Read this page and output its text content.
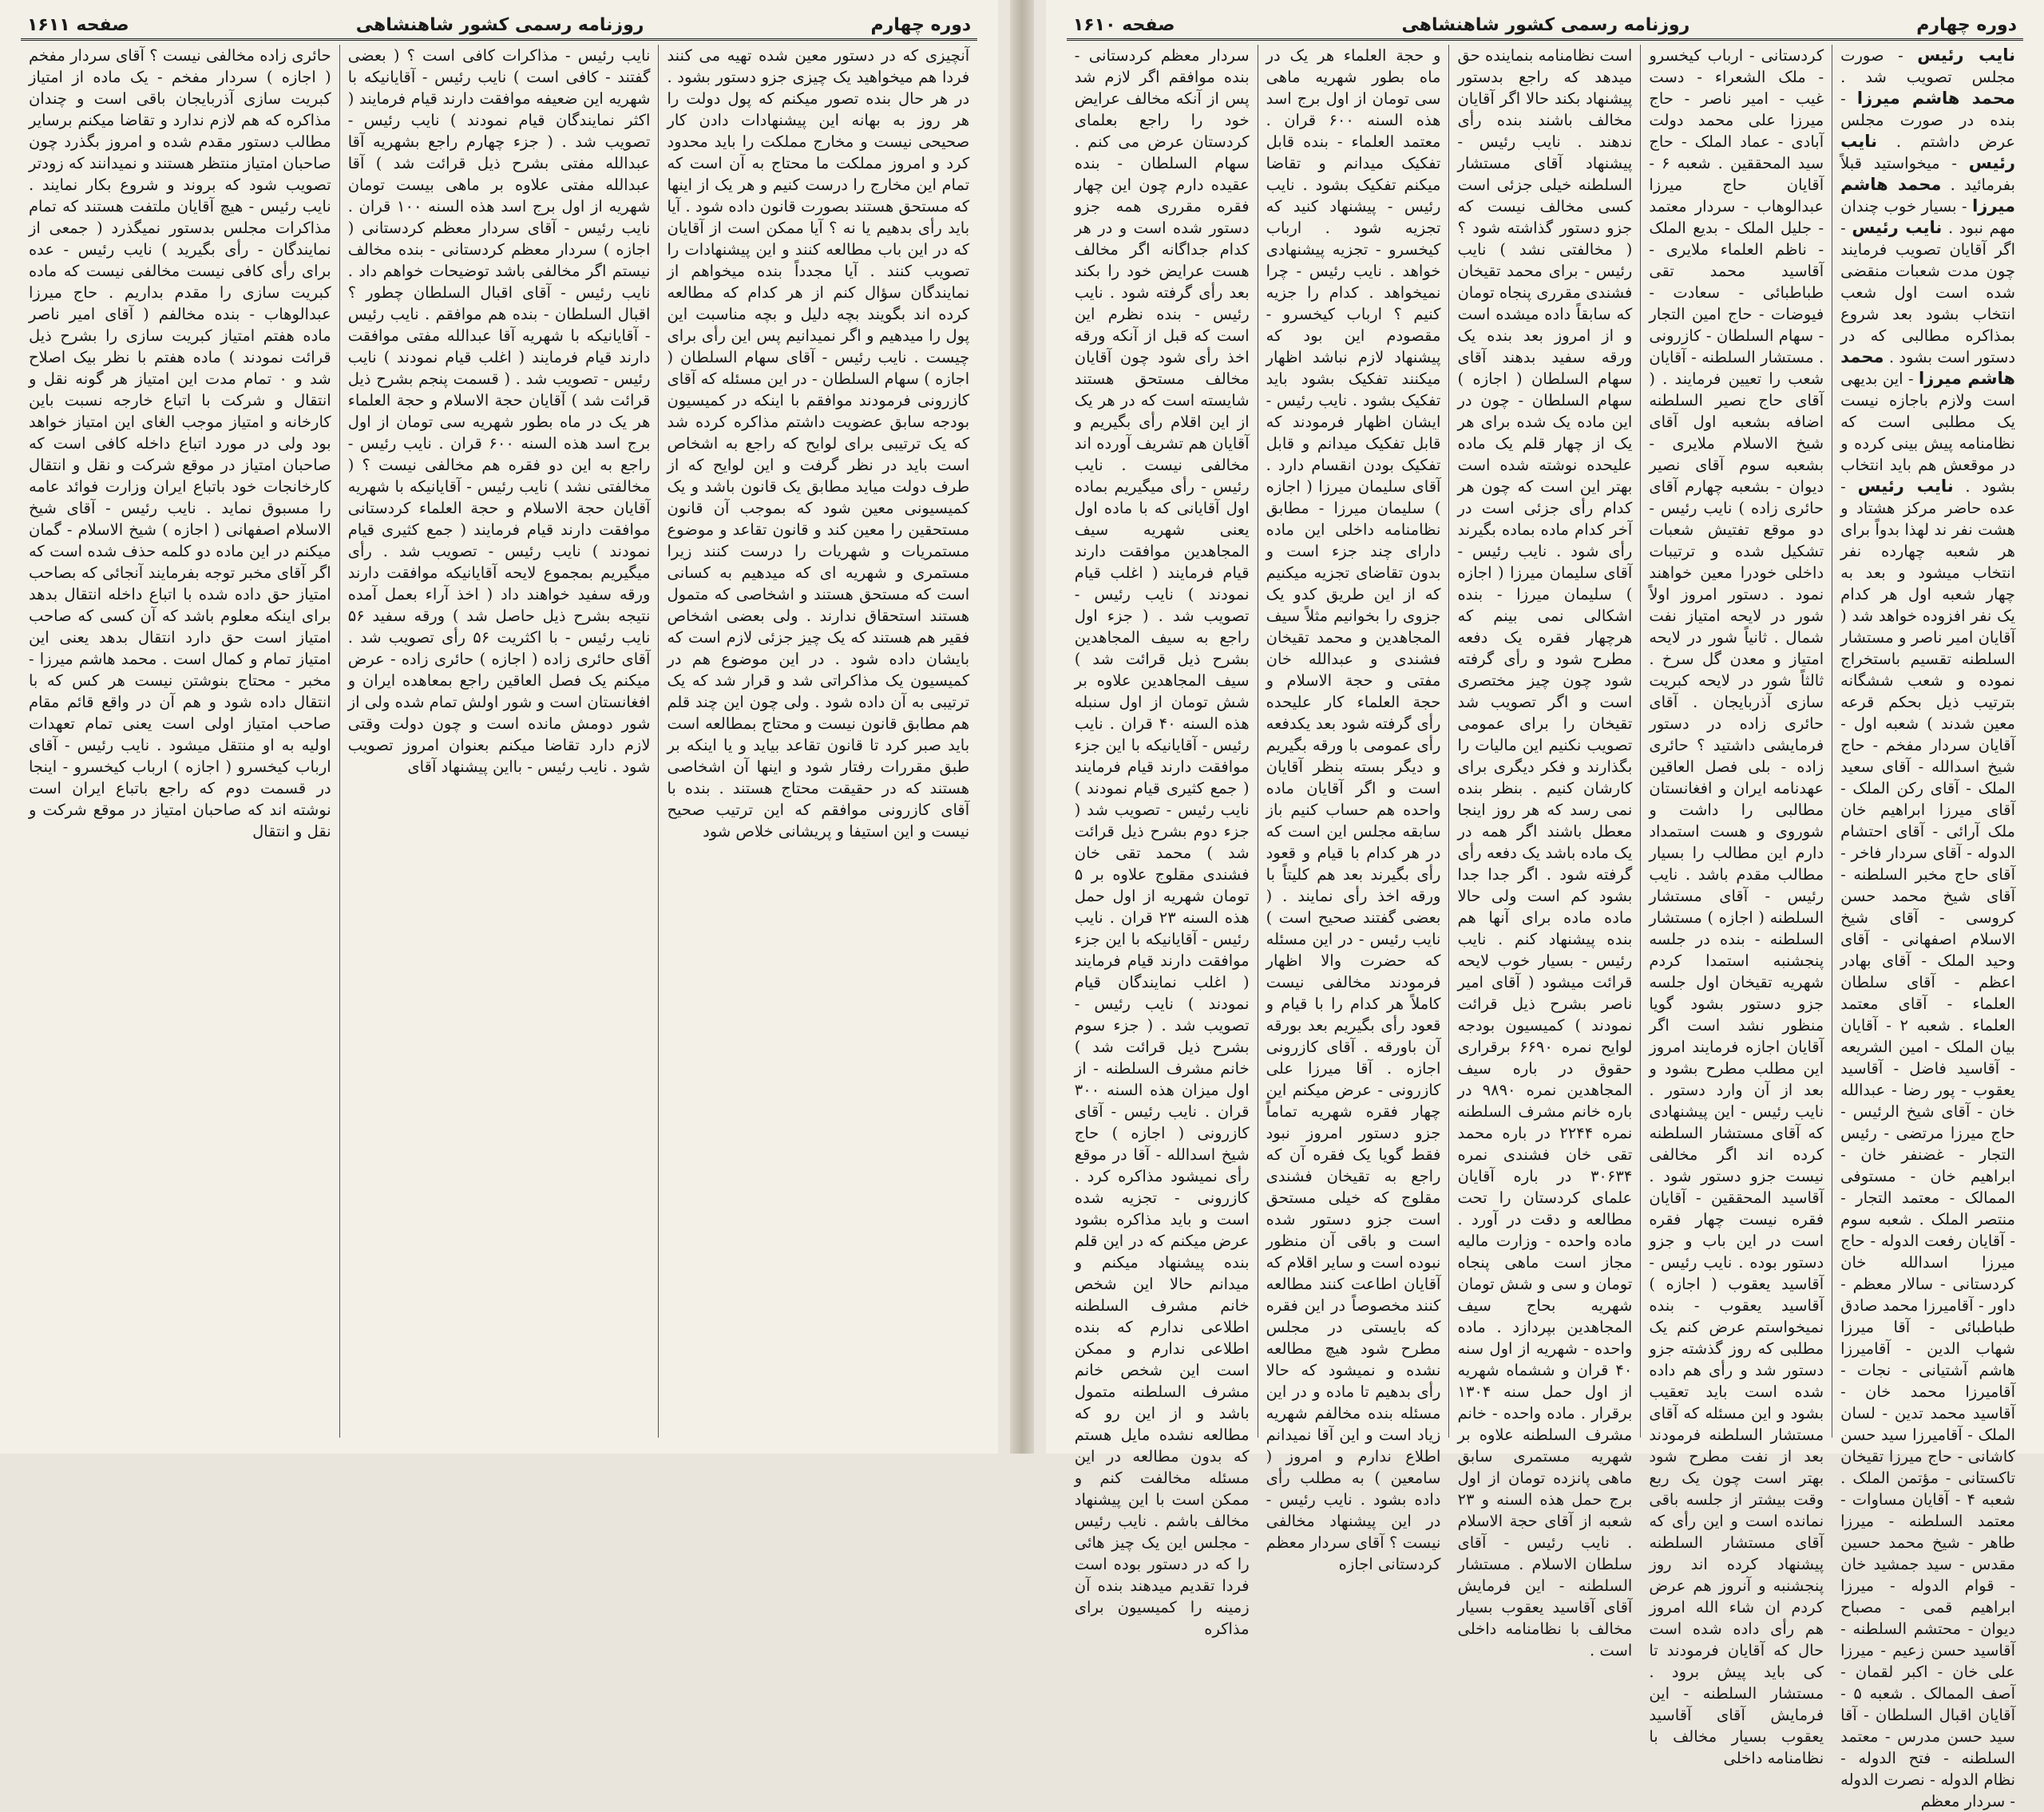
صفحه ۱۶۱۰	روزنامه رسمی کشور شاهنشاهی	دوره چهارم
نایب رئیس - صورت مجلس تصویب شد . محمد هاشم میرزا - بنده در صورت مجلس عرض داشتم . نایب رئیس - میخواستید قبلاً بفرمائید . محمد هاشم میرزا - بسیار خوب چندان مهم نبود . نایب رئیس - اگر آقایان تصویب فرمایند چون مدت شعبات منقضی شده است اول شعب انتخاب بشود بعد شروع بمذاکره مطالبی که در دستور است بشود . محمد هاشم میرزا - این بدیهی است ولازم باجازه نیست یک مطلبی است که نظامنامه پیش بینی کرده و در موقعش هم باید انتخاب بشود . نایب رئیس - عده حاضر مرکز هشتاد و هشت نفر ند لهذا بدواً برای هر شعبه چهارده نفر انتخاب میشود و بعد به چهار شعبه اول هر کدام یک نفر افزوده خواهد شد ( آقایان امیر ناصر و مستشار السلطنه تقسیم باستخراج نموده و شعب ششگانه بترتیب ذیل بحکم قرعه معین شدند ) شعبه اول - آقایان سردار مفخم - حاج شیخ اسدالله - آقای سعید الملک - آقای رکن الملک - آقای میرزا ابراهیم خان ملک آرائی - آقای احتشام الدوله - آقای سردار فاخر - آقای حاج مخبر السلطنه - آقای شیخ محمد حسن کروسی - آقای شیخ الاسلام اصفهانی - آقای وحید الملک - آقای بهادر اعظم - آقای سلطان العلماء - آقای معتمد العلماء . شعبه ۲ - آقایان بیان الملک - امین الشریعه - آقاسید فاضل - آقاسید یعقوب - پور رضا - عبدالله خان - آقای شیخ الرئیس - حاج میرزا مرتضی - رئیس التجار - غضنفر خان - ابراهیم خان - مستوفی الممالک - معتمد التجار - منتصر الملک . شعبه سوم - آقایان رفعت الدوله - حاج میرزا اسدالله خان کردستانی - سالار معظم - داور - آقامیرزا محمد صادق طباطبائی - آقا میرزا شهاب الدین - آقامیرزا هاشم آشتیانی - نجات - آقامیرزا محمد خان - آقاسید محمد تدین - لسان الملک - آقامیرزا سید حسن کاشانی - حاج میرزا تقیخان تاکستانی - مؤتمن الملک . شعبه ۴ - آقایان مساوات - معتمد السلطنه - میرزا طاهر - شیخ محمد حسین مقدس - سید جمشید خان - قوام الدوله - میرزا ابراهیم قمی - مصباح دیوان - محتشم السلطنه - آقاسید حسن زعیم - میرزا علی خان - اکبر لقمان - آصف الممالک . شعبه ۵ - آقایان اقبال السلطان - آقا سید حسن مدرس - معتمد السلطنه - فتح الدوله - نظام الدوله - نصرت الدوله - سردار معظم
کردستانی - ارباب کیخسرو - ملک الشعراء - دست غیب - امیر ناصر - حاج میرزا علی محمد دولت آبادی - عماد الملک - حاج سید المحققین . شعبه ۶ - آقایان حاج میرزا عبدالوهاب - سردار معتمد - جلیل الملک - بدیع الملک - ناظم العلماء ملایری - آقاسید محمد تقی طباطبائی - سعادت - فیوضات - حاج امین التجار - سهام السلطان - کازرونی . مستشار السلطنه - آقایان شعب را تعیین فرمایند . ( آقای حاج نصیر السلطنه اضافه بشعبه اول آقای شیخ الاسلام ملایری - بشعبه سوم آقای نصیر دیوان - بشعبه چهارم آقای حائری زاده ) نایب رئیس - دو موقع تفتیش شعبات تشکیل شده و ترتیبات داخلی خودرا معین خواهند نمود . دستور امروز اولاً شور در لایحه امتیاز نفت شمال . ثانیاً شور در لایحه امتیاز و معدن گل سرخ . ثالثاً شور در لایحه کبریت سازی آذربایجان . آقای حائری زاده در دستور فرمایشی داشتید ؟ حائری زاده - بلی فصل العاقین عهدنامه ایران و افغانستان مطالبی را داشت و شوروی و هست استمداد دارم این مطالب را بسیار مطالب مقدم باشد . نایب رئیس - آقای مستشار السلطنه ( اجازه ) مستشار السلطنه - بنده در جلسه پنجشنبه استمدا کردم شهریه تقیخان اول جلسه جزو دستور بشود گویا منظور نشد است اگر آقایان اجازه فرمایند امروز این مطلب مطرح بشود و بعد از آن وارد دستور . نایب رئیس - این پیشنهادی که آقای مستشار السلطنه کرده اند اگر مخالفی نیست جزو دستور شود . آقاسید المحققین - آقایان فقره نیست چهار فقره است در این باب و جزو دستور بوده . نایب رئیس - آقاسید یعقوب ( اجازه ) آقاسید یعقوب - بنده نمیخواستم عرض کنم یک مطلبی که روز گذشته جزو دستور شد و رأی هم داده شده است باید تعقیب بشود و این مسئله که آقای مستشار السلطنه فرمودند بعد از نفت مطرح شود بهتر است چون یک ربع وقت بیشتر از جلسه باقی نمانده است و این رأی که آقای مستشار السلطنه پیشنهاد کرده اند روز پنجشنبه و آنروز هم عرض کردم ان شاء الله امروز هم رأی داده شده است حال که آقایان فرمودند تا کی باید پیش برود . مستشار السلطنه - این فرمایش آقای آقاسید یعقوب بسیار مخالف با نظامنامه داخلی
است نظامنامه بنماینده حق میدهد که راجع بدستور پیشنهاد بکند حالا اگر آقایان مخالف باشند بنده رأی ندهند . نایب رئیس - پیشنهاد آقای مستشار السلطنه خیلی جزئی است کسی مخالف نیست که جزو دستور گذاشته شود ؟ ( مخالفتی نشد ) نایب رئیس - برای محمد تقیخان فشندی مقرری پنجاه تومان که سابقاً داده میشده است و از امروز بعد بنده یک ورقه سفید بدهند آقای سهام السلطان ( اجازه ) سهام السلطان - چون در این ماده یک شده برای هر یک از چهار قلم یک ماده علیحده نوشته شده است بهتر این است که چون هر کدام رأی جزئی است در آخر کدام ماده بماده بگیرند رأی شود . نایب رئیس - آقای سلیمان میرزا ( اجازه ) سلیمان میرزا - بنده اشکالی نمی بینم که هرچهار فقره یک دفعه مطرح شود و رأی گرفته شود چون چیز مختصری است و اگر تصویب شد تقیخان را برای عمومی تصویب نکنیم این مالیات را بگذارند و فکر دیگری برای کارشان کنیم . بنظر بنده نمی رسد که هر روز اینجا معطل باشند اگر همه در یک ماده باشد یک دفعه رأی گرفته شود . اگر جدا جدا بشود کم است ولی حالا ماده ماده برای آنها هم بنده پیشنهاد کنم . نایب رئیس - بسیار خوب لایحه قرائت میشود ( آقای امیر ناصر بشرح ذیل قرائت نمودند ) کمیسیون بودجه لوایح نمره ۶۶۹۰ برقراری حقوق در باره سیف المجاهدین نمره ۹۸۹۰ در باره خانم مشرف السلطنه نمره ۲۲۴۴ در باره محمد تقی خان فشندی نمره ۳۰۶۳۴ در باره آقایان علمای کردستان را تحت مطالعه و دقت در آورد . ماده واحده - وزارت مالیه مجاز است ماهی پنجاه تومان و سی و شش تومان شهریه بحاج سیف المجاهدین بپردازد . ماده واحده - شهریه از اول سنه ۴۰ قران و ششماه شهریه از اول حمل سنه ۱۳۰۴ برقرار . ماده واحده - خانم مشرف السلطنه علاوه بر شهریه مستمری سابق ماهی پانزده تومان از اول برج حمل هذه السنه و ۲۳ شعبه از آقای حجة الاسلام . نایب رئیس - آقای سلطان الاسلام . مستشار السلطنه - این فرمایش آقای آقاسید یعقوب بسیار مخالف با نظامنامه داخلی است .
و حجة العلماء هر یک در ماه بطور شهریه ماهی سی تومان از اول برج اسد هذه السنه ۶۰۰ قران . معتمد العلماء - بنده قابل تفکیک میدانم و تقاضا میکنم تفکیک بشود . نایب رئیس - پیشنهاد کنید که تجزیه شود . ارباب کیخسرو - تجزیه پیشنهادی خواهد . نایب رئیس - چرا نمیخواهد . کدام را جزیه کنیم ؟ ارباب کیخسرو - مقصودم این بود که پیشنهاد لازم نباشد اظهار میکنند تفکیک بشود باید تفکیک بشود . نایب رئیس - ایشان اظهار فرمودند که قابل تفکیک میدانم و قابل تفکیک بودن انقسام دارد . آقای سلیمان میرزا ( اجازه ) سلیمان میرزا - مطابق نظامنامه داخلی این ماده دارای چند جزء است و بدون تقاضای تجزیه میکنیم که از این طریق کدو یک جزوی را بخوانیم مثلاً سیف المجاهدین و محمد تقیخان فشندی و عبدالله خان مفتی و حجة الاسلام و حجة العلماء کار علیحده رأی گرفته شود بعد یکدفعه رأی عمومی با ورقه بگیریم و دیگر بسته بنظر آقایان است و اگر آقایان ماده واحده هم حساب کنیم باز سابقه مجلس این است که در هر کدام با قیام و قعود رأی بگیرند بعد هم کلیتاً با ورقه اخذ رأی نمایند . ( بعضی گفتند صحیح است ) نایب رئیس - در این مسئله که حضرت والا اظهار فرمودند مخالفی نیست کاملاً هر کدام را با قیام و قعود رأی بگیریم بعد بورقه آن باورقه . آقای کازرونی اجازه . آقا میرزا علی کازرونی - عرض میکنم این چهار فقره شهریه تماماً جزو دستور امروز نبود فقط گویا یک فقره آن که راجع به تقیخان فشندی مقلوج که خیلی مستحق است جزو دستور شده است و باقی آن منظور نبوده است و سایر اقلام که آقایان اطاعت کنند مطالعه کنند مخصوصاً در این فقره که بایستی در مجلس مطرح شود هیچ مطالعه نشده و نمیشود که حالا رأی بدهیم تا ماده و در این مسئله بنده مخالفم شهریه زیاد است و این آقا نمیدانم اطلاع ندارم و امروز ( سامعین ) به مطلب رأی داده بشود . نایب رئیس - در این پیشنهاد مخالفی نیست ؟ آقای سردار معظم کردستانی اجازه
سردار معظم کردستانی - بنده موافقم اگر لازم شد پس از آنکه مخالف عرایض خود را راجع بعلمای کردستان عرض می کنم . سهام السلطان - بنده عقیده دارم چون این چهار فقره مقرری همه جزو دستور شده است و در هر کدام جداگانه اگر مخالف هست عرایض خود را بکند بعد رأی گرفته شود . نایب رئیس - بنده نظرم این است که قبل از آنکه ورقه اخذ رأی شود چون آقایان مخالف مستحق هستند شایسته است که در هر یک از این اقلام رأی بگیریم و آقایان هم تشریف آورده اند مخالفی نیست . نایب رئیس - رأی میگیریم بماده اول آقایانی که با ماده اول یعنی شهریه سیف المجاهدین موافقت دارند قیام فرمایند ( اغلب قیام نمودند ) نایب رئیس - تصویب شد . ( جزء اول راجع به سیف المجاهدین بشرح ذیل قرائت شد ) سیف المجاهدین علاوه بر شش تومان از اول سنبله هذه السنه ۴۰ قران . نایب رئیس - آقایانیکه با این جزء موافقت دارند قیام فرمایند ( جمع کثیری قیام نمودند ) نایب رئیس - تصویب شد ( جزء دوم بشرح ذیل قرائت شد ) محمد تقی خان فشندی مقلوج علاوه بر ۵ تومان شهریه از اول حمل هذه السنه ۲۳ قران . نایب رئیس - آقایانیکه با این جزء موافقت دارند قیام فرمایند ( اغلب نمایندگان قیام نمودند ) نایب رئیس - تصویب شد . ( جزء سوم بشرح ذیل قرائت شد ) خانم مشرف السلطنه - از اول میزان هذه السنه ۳۰۰ قران . نایب رئیس - آقای کازرونی ( اجازه ) حاج شیخ اسدالله - آقا در موقع رأی نمیشود مذاکره کرد . کازرونی - تجزیه شده است و باید مذاکره بشود عرض میکنم که در این قلم بنده پیشنهاد میکنم و میدانم حالا این شخص خانم مشرف السلطنه اطلاعی ندارم که بنده اطلاعی ندارم و ممکن است این شخص خانم مشرف السلطنه متمول باشد و از این رو که مطالعه نشده مایل هستم که بدون مطالعه در این مسئله مخالفت کنم و ممکن است با این پیشنهاد مخالف باشم . نایب رئیس - مجلس این یک چیز هائی را که در دستور بوده است فردا تقدیم میدهند بنده آن زمینه را کمیسیون برای مذاکره
صفحه ۱۶۱۱	روزنامه رسمی کشور شاهنشاهی	دوره چهارم
آنچیزی که در دستور معین شده تهیه می کنند فردا هم میخواهید یک چیزی جزو دستور بشود . در هر حال بنده تصور میکنم که پول دولت را هر روز به بهانه این پیشنهادات دادن کار صحیحی نیست و مخارج مملکت را باید محدود کرد و امروز مملکت ما محتاج به آن است که تمام این مخارج را درست کنیم و هر یک از اینها که مستحق هستند بصورت قانون داده شود . آیا باید رأی بدهیم یا نه ؟ آیا ممکن است از آقایان که در این باب مطالعه کنند و این پیشنهادات را تصویب کنند . آیا مجدداً بنده میخواهم از نمایندگان سؤال کنم از هر کدام که مطالعه کرده اند بگویند بچه دلیل و بچه مناسبت این پول را میدهیم و اگر نمیدانیم پس این رأی برای چیست . نایب رئیس - آقای سهام السلطان ( اجازه ) سهام السلطان - در این مسئله که آقای کازرونی فرمودند موافقم با اینکه در کمیسیون بودجه سابق عضویت داشتم مذاکره کرده شد که یک ترتیبی برای لوایح که راجع به اشخاص است باید در نظر گرفت و این لوایح که از طرف دولت میاید مطابق یک قانون باشد و یک کمیسیونی معین شود که بموجب آن قانون مستحقین را معین کند و قانون تقاعد و موضوع مستمریات و شهریات را درست کنند زیرا مستمری و شهریه ای که میدهیم به کسانی است که مستحق هستند و اشخاصی که متمول هستند استحقاق ندارند . ولی بعضی اشخاص فقیر هم هستند که یک چیز جزئی لازم است که بایشان داده شود . در این موضوع هم در کمیسیون یک مذاکراتی شد و قرار شد که یک ترتیبی به آن داده شود . ولی چون این چند قلم هم مطابق قانون نیست و محتاج بمطالعه است باید صبر کرد تا قانون تقاعد بیاید و یا اینکه بر طبق مقررات رفتار شود و اینها آن اشخاصی هستند که در حقیقت محتاج هستند . بنده با آقای کازرونی موافقم که این ترتیب صحیح نیست و این استیفا و پریشانی خلاص شود
نایب رئیس - مذاکرات کافی است ؟ ( بعضی گفتند - کافی است ) نایب رئیس - آقایانیکه با شهریه این ضعیفه موافقت دارند قیام فرمایند ( اکثر نمایندگان قیام نمودند ) نایب رئیس - تصویب شد . ( جزء چهارم راجع بشهریه آقا عبدالله مفتی بشرح ذیل قرائت شد ) آقا عبدالله مفتی علاوه بر ماهی بیست تومان شهریه از اول برج اسد هذه السنه ۱۰۰ قران . نایب رئیس - آقای سردار معظم کردستانی ( اجازه ) سردار معظم کردستانی - بنده مخالف نیستم اگر مخالفی باشد توضیحات خواهم داد . نایب رئیس - آقای اقبال السلطان چطور ؟ اقبال السلطان - بنده هم موافقم . نایب رئیس - آقایانیکه با شهریه آقا عبدالله مفتی موافقت دارند قیام فرمایند ( اغلب قیام نمودند ) نایب رئیس - تصویب شد . ( قسمت پنجم بشرح ذیل قرائت شد ) آقایان حجة الاسلام و حجة العلماء هر یک در ماه بطور شهریه سی تومان از اول برج اسد هذه السنه ۶۰۰ قران . نایب رئیس - راجع به این دو فقره هم مخالفی نیست ؟ ( مخالفتی نشد ) نایب رئیس - آقایانیکه با شهریه آقایان حجة الاسلام و حجة العلماء کردستانی موافقت دارند قیام فرمایند ( جمع کثیری قیام نمودند ) نایب رئیس - تصویب شد . رأی میگیریم بمجموع لایحه آقایانیکه موافقت دارند ورقه سفید خواهند داد ( اخذ آراء بعمل آمده نتیجه بشرح ذیل حاصل شد ) ورقه سفید ۵۶ نایب رئیس - با اکثریت ۵۶ رأی تصویب شد . آقای حائری زاده ( اجازه ) حائری زاده - عرض میکنم یک فصل العاقین راجع بمعاهده ایران و افغانستان است و شور اولش تمام شده ولی از شور دومش مانده است و چون دولت وقتی لازم دارد تقاضا میکنم بعنوان امروز تصویب شود . نایب رئیس - بااین پیشنهاد آقای
حائری زاده مخالفی نیست ؟ آقای سردار مفخم ( اجازه ) سردار مفخم - یک ماده از امتیاز کبریت سازی آذربایجان باقی است و چندان مذاکره که هم لازم ندارد و تقاضا میکنم برسایر مطالب دستور مقدم شده و امروز بگذرد چون صاحبان امتیاز منتظر هستند و نمیدانند که زودتر تصویب شود که بروند و شروع بکار نمایند . نایب رئیس - هیچ آقایان ملتفت هستند که تمام مذاکرات مجلس بدستور نمیگذرد ( جمعی از نمایندگان - رأی بگیرید ) نایب رئیس - عده برای رأی کافی نیست مخالفی نیست که ماده کبریت سازی را مقدم بداریم . حاج میرزا عبدالوهاب - بنده مخالفم ( آقای امیر ناصر ماده هفتم امتیاز کبریت سازی را بشرح ذیل قرائت نمودند ) ماده هفتم با نظر بیک اصلاح شد و ۰ تمام مدت این امتیاز هر گونه نقل و انتقال و شرکت با اتباع خارجه نسبت باین کارخانه و امتیاز موجب الغای این امتیاز خواهد بود ولی در مورد اتباع داخله کافی است که صاحبان امتیاز در موقع شرکت و نقل و انتقال کارخانجات خود باتباع ایران وزارت فوائد عامه را مسبوق نماید . نایب رئیس - آقای شیخ الاسلام اصفهانی ( اجازه ) شیخ الاسلام - گمان میکنم در این ماده دو کلمه حذف شده است که اگر آقای مخبر توجه بفرمایند آنجائی که بصاحب امتیاز حق داده شده با اتباع داخله انتقال بدهد برای اینکه معلوم باشد که آن کسی که صاحب امتیاز است حق دارد انتقال بدهد یعنی این امتیاز تمام و کمال است . محمد هاشم میرزا - مخبر - محتاج بنوشتن نیست هر کس که با انتقال داده شود و هم آن در واقع قائم مقام صاحب امتیاز اولی است یعنی تمام تعهدات اولیه به او منتقل میشود . نایب رئیس - آقای ارباب کیخسرو ( اجازه ) ارباب کیخسرو - اینجا در قسمت دوم که راجع باتباع ایران است نوشته اند که صاحبان امتیاز در موقع شرکت و نقل و انتقال
